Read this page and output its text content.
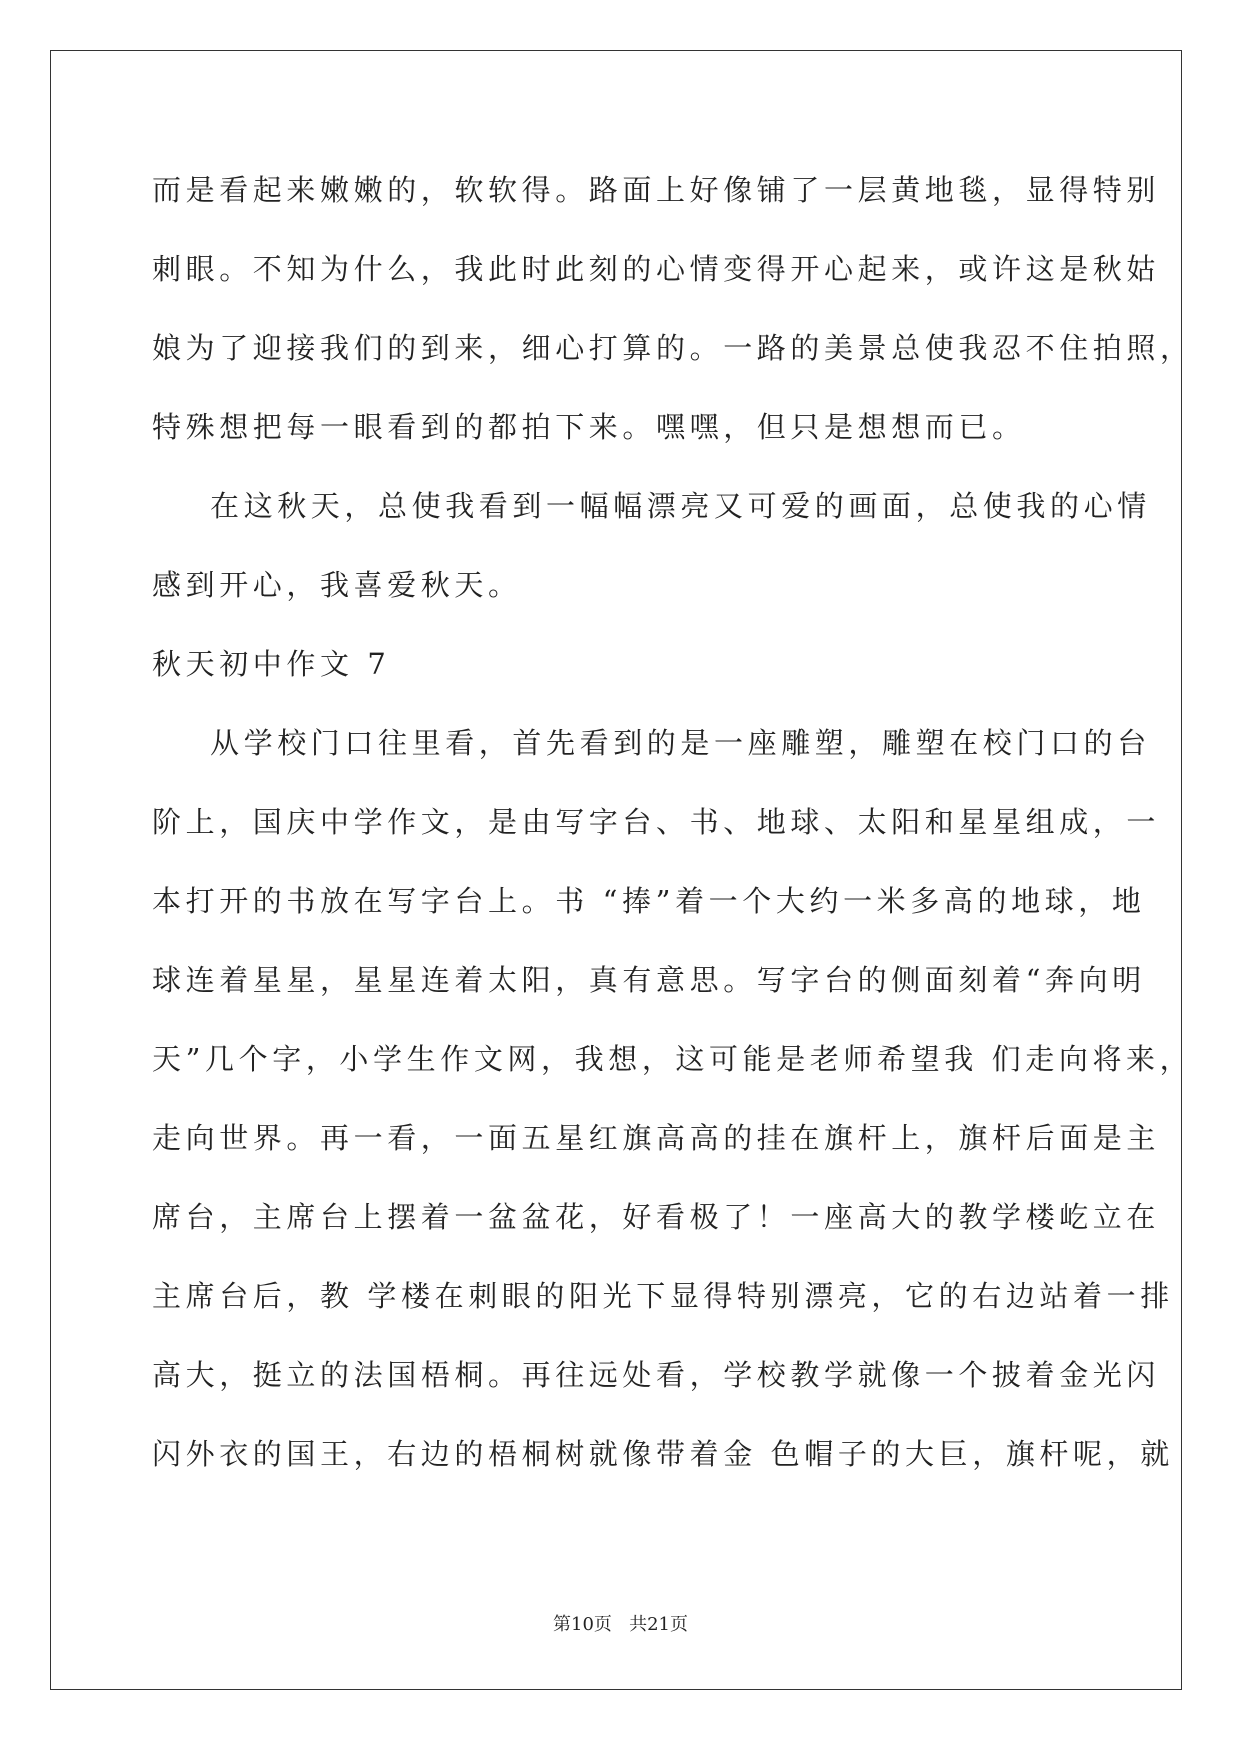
而是看起来嫩嫩的，软软得。路面上好像铺了一层黄地毯，显得特别
刺眼。不知为什么，我此时此刻的心情变得开心起来，或许这是秋姑
娘为了迎接我们的到来，细心打算的。一路的美景总使我忍不住拍照，
特殊想把每一眼看到的都拍下来。嘿嘿，但只是想想而已。
在这秋天，总使我看到一幅幅漂亮又可爱的画面，总使我的心情
感到开心，我喜爱秋天。
秋天初中作文 7
从学校门口往里看，首先看到的是一座雕塑，雕塑在校门口的台
阶上，国庆中学作文，是由写字台、书、地球、太阳和星星组成，一
本打开的书放在写字台上。书 “捧”着一个大约一米多高的地球，地
球连着星星，星星连着太阳，真有意思。写字台的侧面刻着“奔向明
天”几个字，小学生作文网，我想，这可能是老师希望我 们走向将来，
走向世界。再一看，一面五星红旗高高的挂在旗杆上，旗杆后面是主
席台，主席台上摆着一盆盆花，好看极了！一座高大的教学楼屹立在
主席台后，教 学楼在刺眼的阳光下显得特别漂亮，它的右边站着一排
高大，挺立的法国梧桐。再往远处看，学校教学就像一个披着金光闪
闪外衣的国王，右边的梧桐树就像带着金 色帽子的大巨，旗杆呢，就
第10页   共21页
